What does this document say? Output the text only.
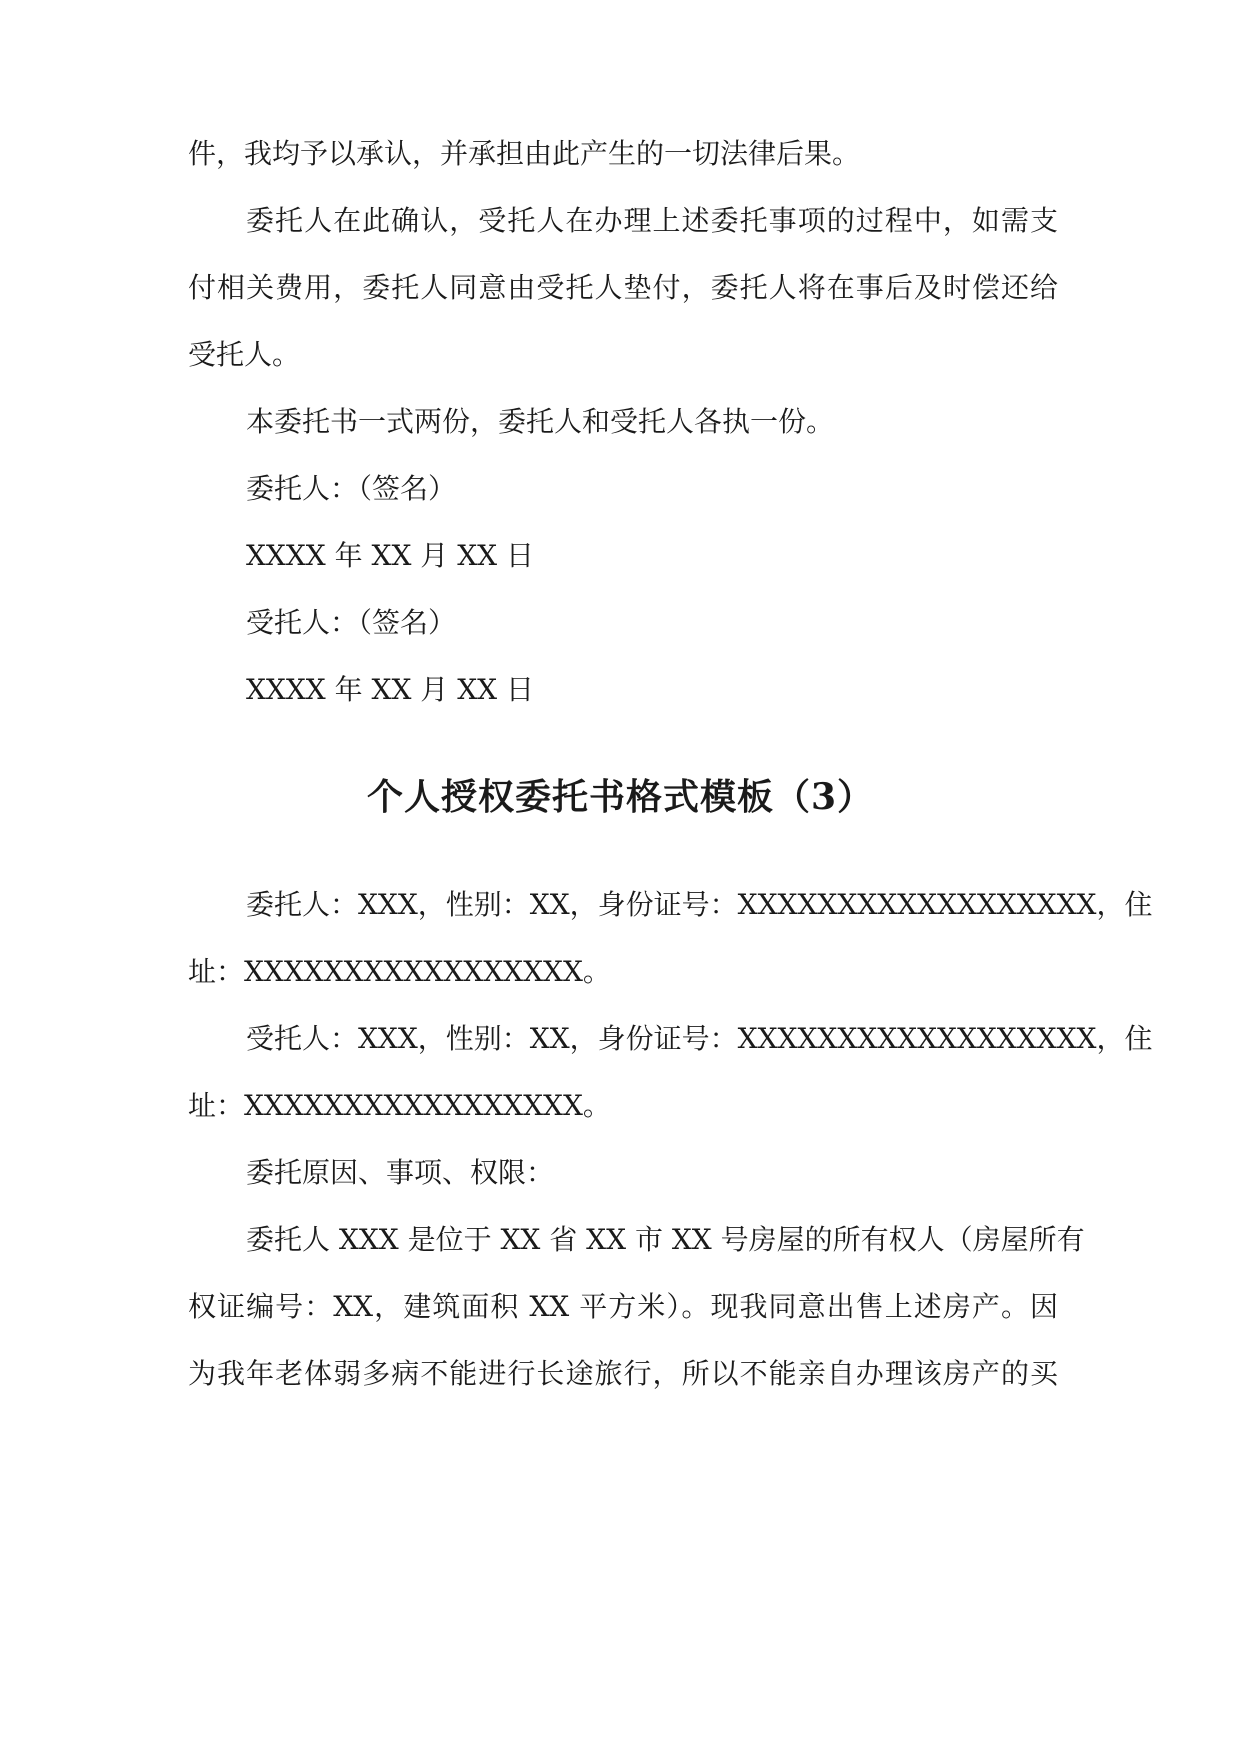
件，我均予以承认，并承担由此产生的一切法律后果。
委托人在此确认，受托人在办理上述委托事项的过程中，如需支
付相关费用，委托人同意由受托人垫付，委托人将在事后及时偿还给
受托人。
本委托书一式两份，委托人和受托人各执一份。
委托人：（签名）
XXXX 年 XX 月 XX 日
受托人：（签名）
XXXX 年 XX 月 XX 日
个人授权委托书格式模板（3）
委托人：XXX，性别：XX，身份证号：XXXXXXXXXXXXXXXXXX，住
址：XXXXXXXXXXXXXXXXX。
受托人：XXX，性别：XX，身份证号：XXXXXXXXXXXXXXXXXX，住
址：XXXXXXXXXXXXXXXXX。
委托原因、事项、权限：
委托人 XXX 是位于 XX 省 XX 市 XX 号房屋的所有权人（房屋所有
权证编号：XX，建筑面积 XX 平方米）。现我同意出售上述房产。因
为我年老体弱多病不能进行长途旅行，所以不能亲自办理该房产的买
